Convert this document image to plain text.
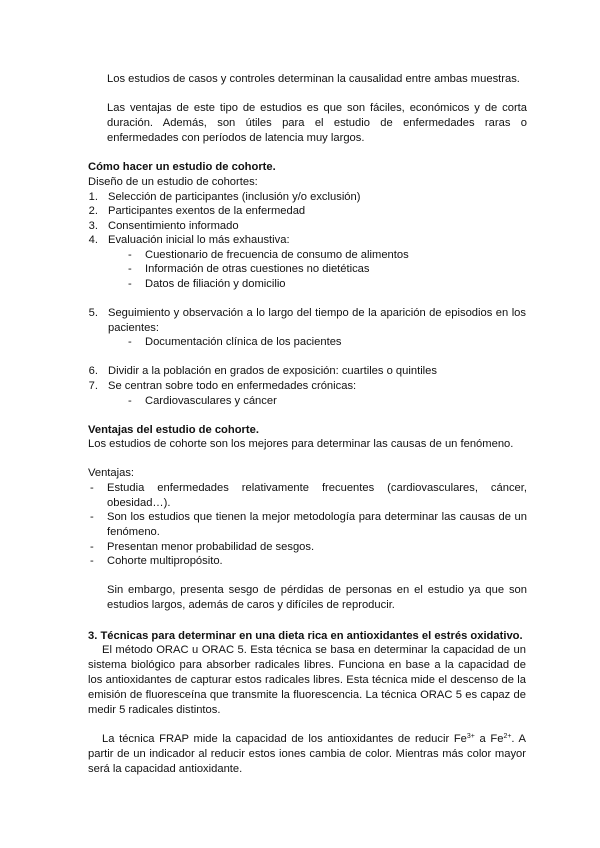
Los estudios de casos y controles determinan la causalidad entre ambas muestras.

Las ventajas de este tipo de estudios es que son fáciles, económicos y de corta duración. Además, son útiles para el estudio de enfermedades raras o enfermedades con períodos de latencia muy largos.

Cómo hacer un estudio de cohorte.

Diseño de un estudio de cohortes:

1. Selección de participantes (inclusión y/o exclusión)

2. Participantes exentos de la enfermedad

3. Consentimiento informado

4. Evaluación inicial lo más exhaustiva:

- Cuestionario de frecuencia de consumo de alimentos

- Información de otras cuestiones no dietéticas

- Datos de filiación y domicilio

5. Seguimiento y observación a lo largo del tiempo de la aparición de episodios en los pacientes:

- Documentación clínica de los pacientes

6. Dividir a la población en grados de exposición: cuartiles o quintiles

7. Se centran sobre todo en enfermedades crónicas:

- Cardiovasculares y cáncer

Ventajas del estudio de cohorte.

Los estudios de cohorte son los mejores para determinar las causas de un fenómeno.

Ventajas:

- Estudia enfermedades relativamente frecuentes (cardiovasculares, cáncer, obesidad…).

- Son los estudios que tienen la mejor metodología para determinar las causas de un fenómeno.

- Presentan menor probabilidad de sesgos.

- Cohorte multipropósito.

Sin embargo, presenta sesgo de pérdidas de personas en el estudio ya que son estudios largos, además de caros y difíciles de reproducir.

3. Técnicas para determinar en una dieta rica en antioxidantes el estrés oxidativo.

El método ORAC u ORAC 5. Esta técnica se basa en determinar la capacidad de un sistema biológico para absorber radicales libres. Funciona en base a la capacidad de los antioxidantes de capturar estos radicales libres. Esta técnica mide el descenso de la emisión de fluoresceína que transmite la fluorescencia. La técnica ORAC 5 es capaz de medir 5 radicales distintos.

La técnica FRAP mide la capacidad de los antioxidantes de reducir $Fe^{3+}$ a $Fe^{2+}$. A partir de un indicador al reducir estos iones cambia de color. Mientras más color mayor será la capacidad antioxidante.
